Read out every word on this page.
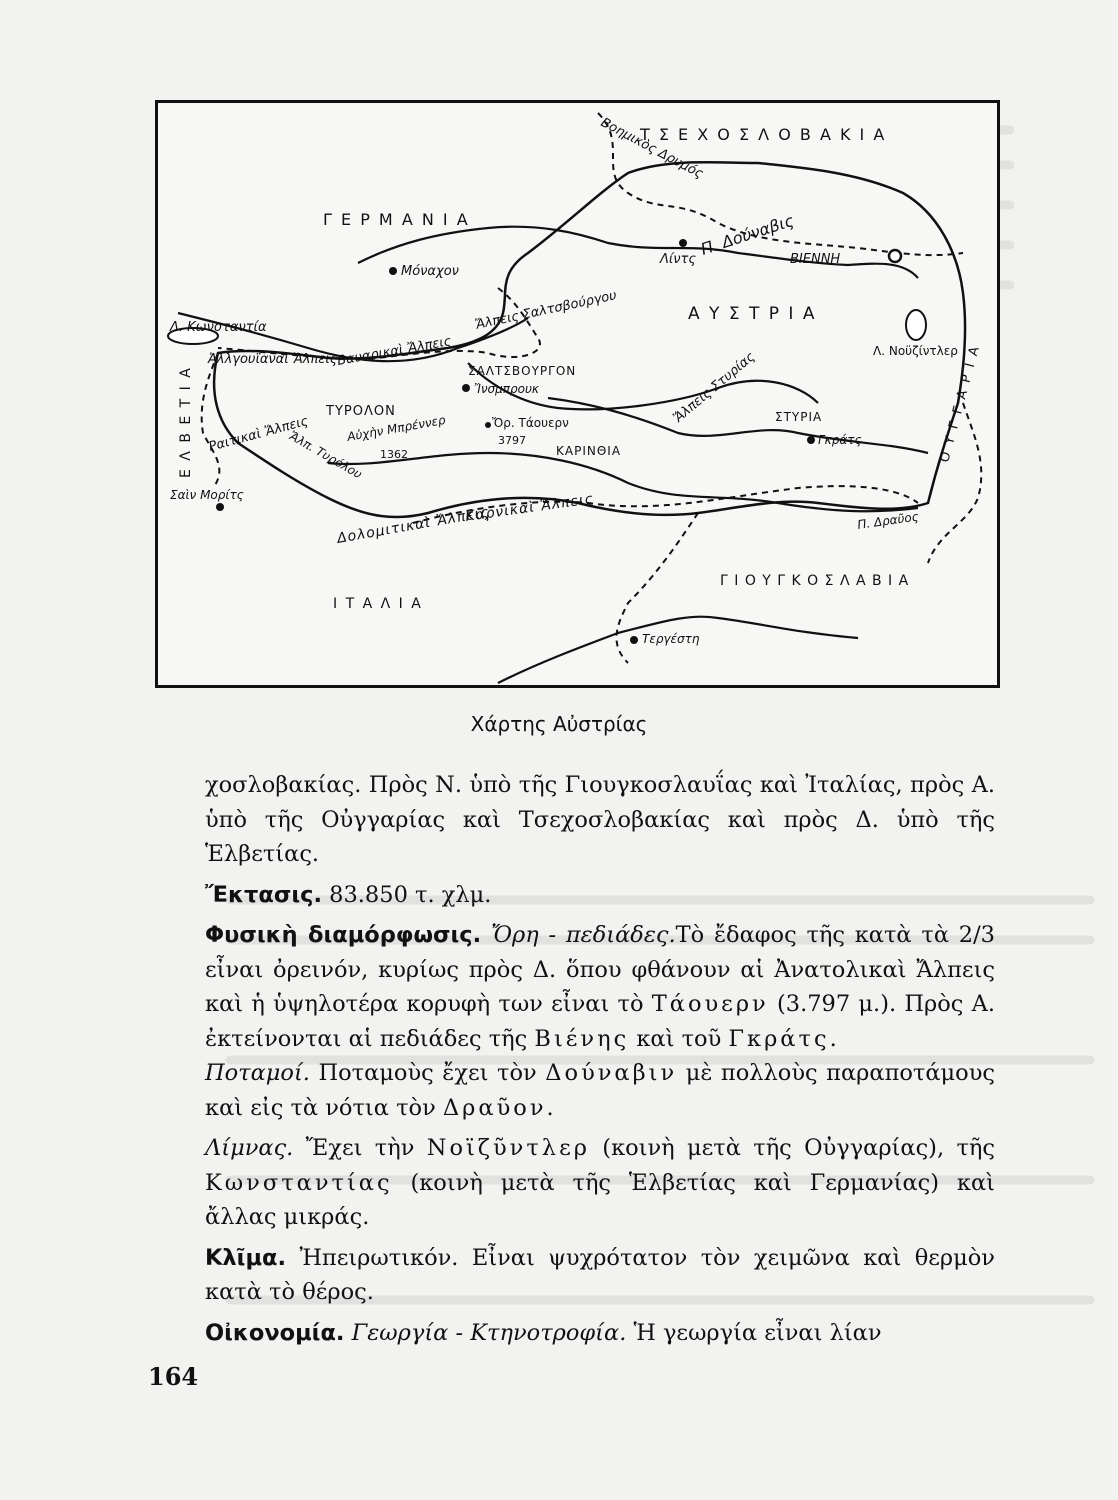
Τ Σ Ε Χ Ο Σ Λ Ο Β Α Κ Ι Α
Βοημικὸς Δρυμός
Γ Ε Ρ Μ Α Ν Ι Α
Μόναχον
Π. Δούναβις
Λίντς	ΒΙΕΝΝΗ
Α Υ Σ Τ Ρ Ι Α
Λ. Κωνσταντία
Ἀλλγουΐαναὶ Ἄλπεις
Βαυαρικαὶ Ἄλπεις
Ἄλπεις Σαλτσβούργου
ΣΑΛΤΣΒΟΥΡΓΟΝ
Λ. Νοϋζίντλερ
Ἄλπεις Στυρίας
Ἴνσμπρουκ
Ε Λ Β Ε Τ Ι Α	ΤΥΡΟΛΟΝ
Ραιτικαὶ Ἄλπεις
Ἄλπ. Τυρόλου
Αὐχὴν Μπρέννερ
1362
Ὄρ. Τάουερν
3797
ΚΑΡΙΝΘΙΑ
ΣΤΥΡΙΑ
Γκράτς	Ο Υ Γ Γ Α Ρ Ι Α
Σαὶν Μορίτς	Καρνικαὶ Ἄλπεις
Δολομιτικαὶ Ἄλπεις	Π. Δραῦος
Γ Ι Ο Υ Γ Κ Ο Σ Λ Α Β Ι Α
Ι Τ Α Λ Ι Α
Τεργέστη
Χάρτης Αὐστρίας

χοσλοβακίας. Πρὸς Ν. ὑπὸ τῆς Γιουγκοσλαυΐας καὶ Ἰταλίας, πρὸς Α. ὑπὸ τῆς Οὐγγαρίας καὶ Τσεχοσλοβακίας καὶ πρὸς Δ. ὑπὸ τῆς Ἑλβετίας.

Ἔκτασις. 83.850 τ. χλμ.

Φυσικὴ διαμόρφωσις. Ὄρη - πεδιάδες.Τὸ ἔδαφος τῆς κατὰ τὰ 2/3 εἶναι ὀρεινόν, κυρίως πρὸς Δ. ὅπου φθάνουν αἱ Ἀνατολικαὶ Ἄλπεις καὶ ἡ ὑψηλοτέρα κορυφὴ των εἶναι τὸ Τάουερν (3.797 μ.). Πρὸς Α. ἐκτείνονται αἱ πεδιάδες τῆς Βιένης καὶ τοῦ Γκράτς.

Ποταμοί. Ποταμοὺς ἔχει τὸν Δούναβιν μὲ πολλοὺς παραποτάμους καὶ εἰς τὰ νότια τὸν Δραῦον.

Λίμνας. Ἔχει τὴν Νοϊζῦντλερ (κοινὴ μετὰ τῆς Οὐγγαρίας), τῆς Κωνσταντίας (κοινὴ μετὰ τῆς Ἑλβετίας καὶ Γερμανίας) καὶ ἄλλας μικράς.

Κλῖμα. Ἠπειρωτικόν. Εἶναι ψυχρότατον τὸν χειμῶνα καὶ θερμὸν κατὰ τὸ θέρος.

Οἰκονομία. Γεωργία - Κτηνοτροφία. Ἡ γεωργία εἶναι λίαν

164
